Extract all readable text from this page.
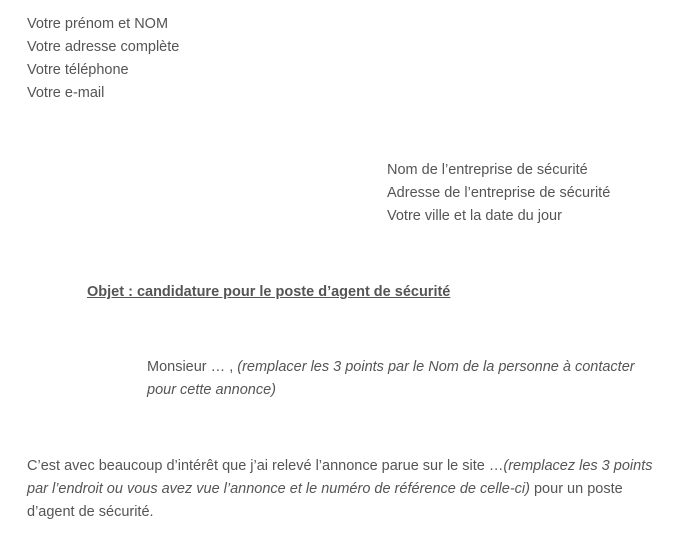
Votre prénom et NOM
Votre adresse complète
Votre téléphone
Votre e-mail
Nom de l’entreprise de sécurité
Adresse de l’entreprise de sécurité
Votre ville et la date du jour
Objet : candidature pour le poste d’agent de sécurité
Monsieur … , (remplacer les 3 points par le Nom de la personne à contacter pour cette annonce)
C’est avec beaucoup d’intérêt que j’ai relevé l’annonce parue sur le site …(remplacez les 3 points par l’endroit ou vous avez vue l’annonce et le numéro de référence de celle-ci) pour un poste d’agent de sécurité.
